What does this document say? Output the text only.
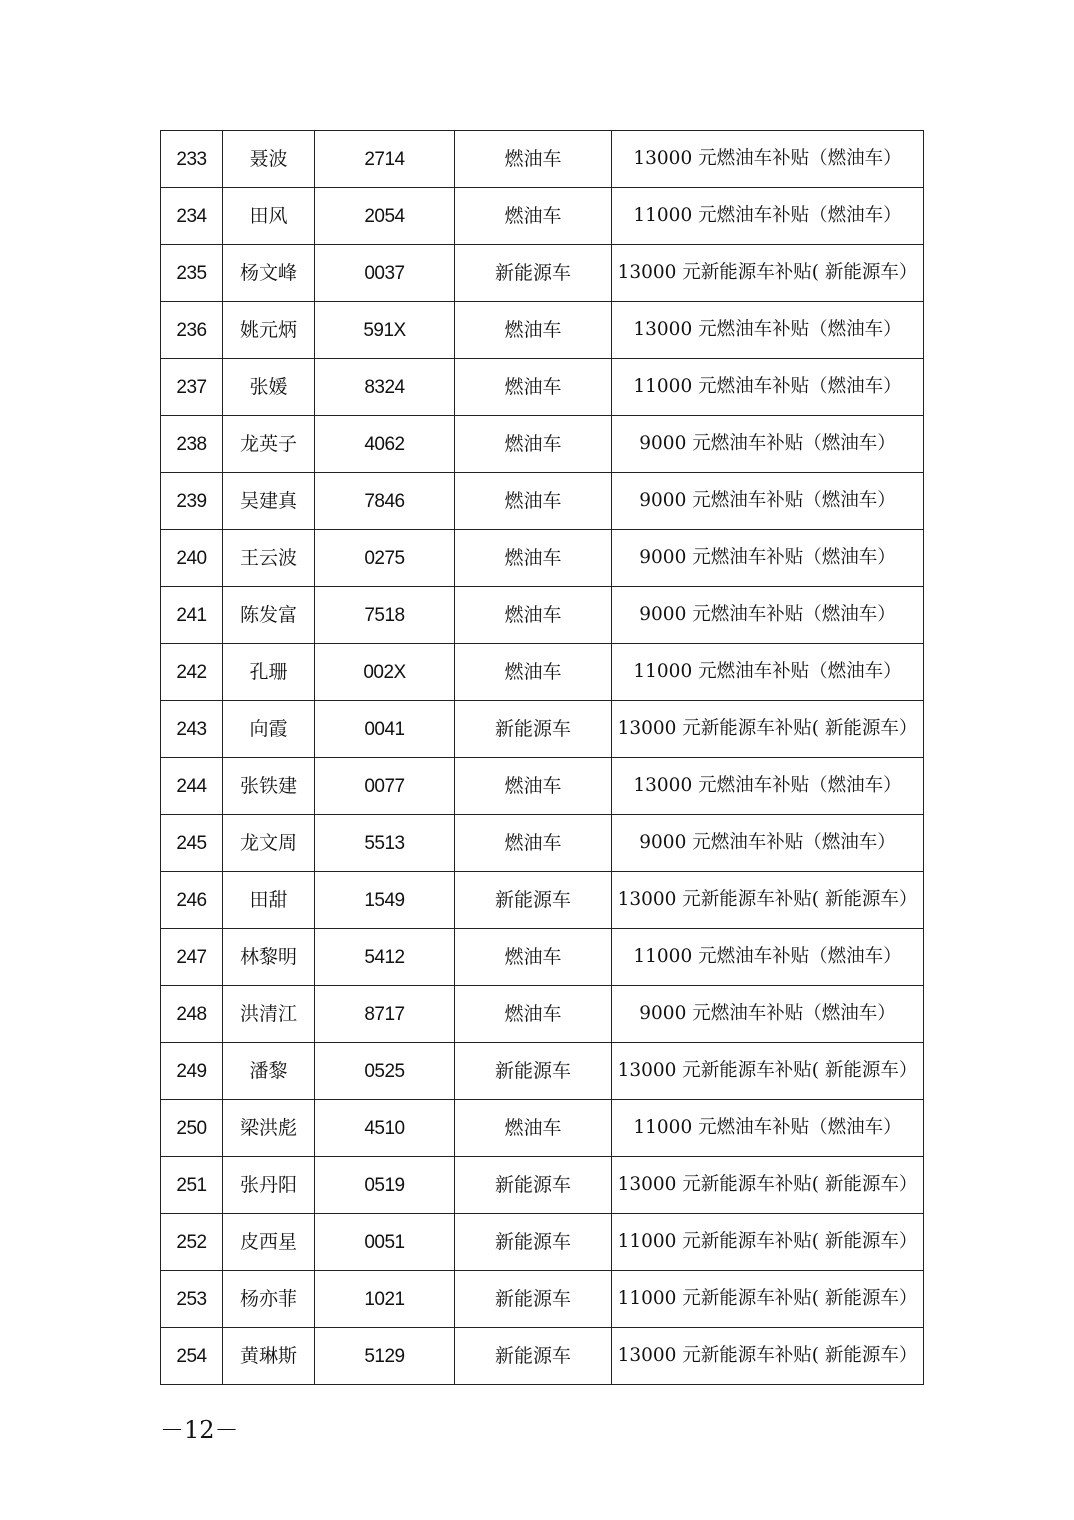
233	聂波	2714	燃油车	13000 元燃油车补贴（燃油车）
234	田风	2054	燃油车	11000 元燃油车补贴（燃油车）
235	杨文峰	0037	新能源车	13000 元新能源车补贴( 新能源车）
236	姚元炳	591X	燃油车	13000 元燃油车补贴（燃油车）
237	张媛	8324	燃油车	11000 元燃油车补贴（燃油车）
238	龙英子	4062	燃油车	9000 元燃油车补贴（燃油车）
239	吴建真	7846	燃油车	9000 元燃油车补贴（燃油车）
240	王云波	0275	燃油车	9000 元燃油车补贴（燃油车）
241	陈发富	7518	燃油车	9000 元燃油车补贴（燃油车）
242	孔珊	002X	燃油车	11000 元燃油车补贴（燃油车）
243	向霞	0041	新能源车	13000 元新能源车补贴( 新能源车）
244	张铁建	0077	燃油车	13000 元燃油车补贴（燃油车）
245	龙文周	5513	燃油车	9000 元燃油车补贴（燃油车）
246	田甜	1549	新能源车	13000 元新能源车补贴( 新能源车）
247	林黎明	5412	燃油车	11000 元燃油车补贴（燃油车）
248	洪清江	8717	燃油车	9000 元燃油车补贴（燃油车）
249	潘黎	0525	新能源车	13000 元新能源车补贴( 新能源车）
250	梁洪彪	4510	燃油车	11000 元燃油车补贴（燃油车）
251	张丹阳	0519	新能源车	13000 元新能源车补贴( 新能源车）
252	皮西星	0051	新能源车	11000 元新能源车补贴( 新能源车）
253	杨亦菲	1021	新能源车	11000 元新能源车补贴( 新能源车）
254	黄琳斯	5129	新能源车	13000 元新能源车补贴( 新能源车）
－12－
